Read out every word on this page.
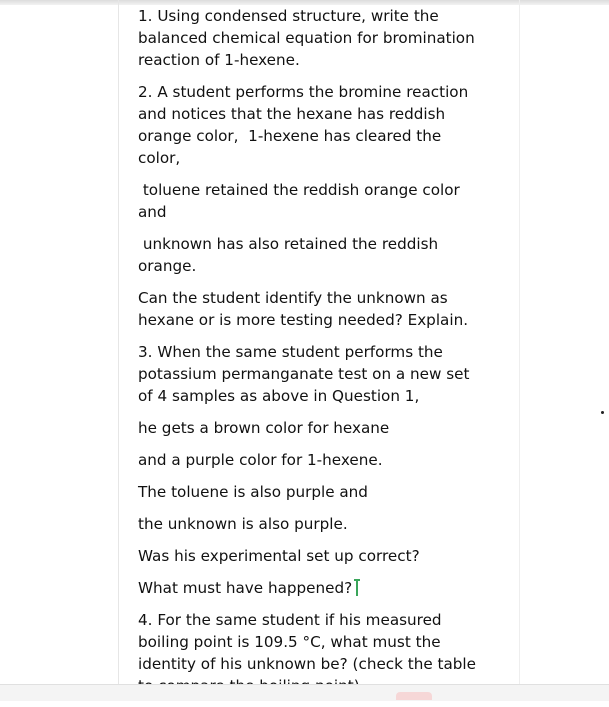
1. Using condensed structure, write the
balanced chemical equation for bromination
reaction of 1-hexene.

2. A student performs the bromine reaction
and notices that the hexane has reddish
orange color,  1-hexene has cleared the
color,

toluene retained the reddish orange color
and

unknown has also retained the reddish
orange.

Can the student identify the unknown as
hexane or is more testing needed? Explain.

3. When the same student performs the
potassium permanganate test on a new set
of 4 samples as above in Question 1,

he gets a brown color for hexane

and a purple color for 1-hexene.

The toluene is also purple and

the unknown is also purple.

Was his experimental set up correct?

What must have happened?

4. For the same student if his measured
boiling point is 109.5 °C, what must the
identity of his unknown be? (check the table
